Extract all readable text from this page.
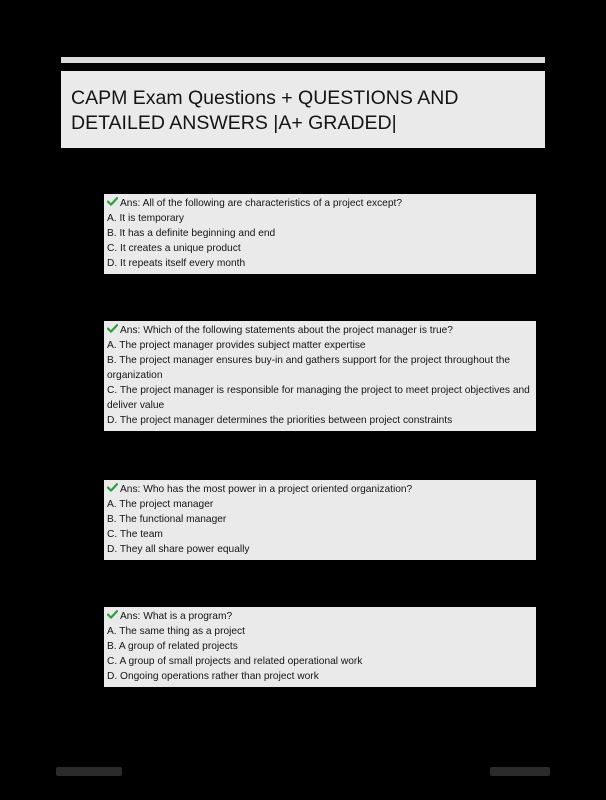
CAPM Exam Questions + QUESTIONS AND DETAILED ANSWERS |A+ GRADED|
Ans: All of the following are characteristics of a project except?
A. It is temporary
B. It has a definite beginning and end
C. It creates a unique product
D. It repeats itself every month
Ans: Which of the following statements about the project manager is true?
A. The project manager provides subject matter expertise
B. The project manager ensures buy-in and gathers support for the project throughout the organization
C. The project manager is responsible for managing the project to meet project objectives and deliver value
D. The project manager determines the priorities between project constraints
Ans: Who has the most power in a project oriented organization?
A. The project manager
B. The functional manager
C. The team
D. They all share power equally
Ans: What is a program?
A. The same thing as a project
B. A group of related projects
C. A group of small projects and related operational work
D. Ongoing operations rather than project work
